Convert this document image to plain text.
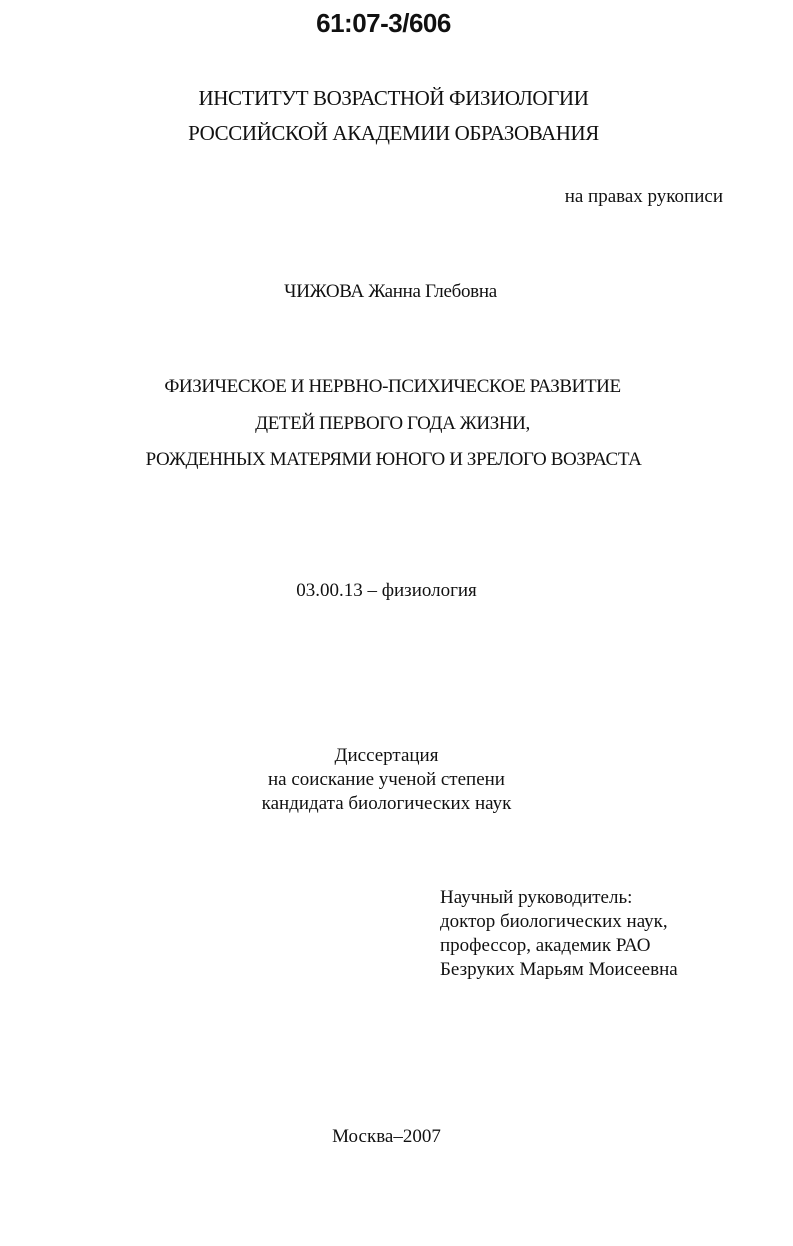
61:07-3/606
ИНСТИТУТ ВОЗРАСТНОЙ ФИЗИОЛОГИИ
РОССИЙСКОЙ АКАДЕМИИ ОБРАЗОВАНИЯ
на правах рукописи
ЧИЖОВА Жанна Глебовна
ФИЗИЧЕСКОЕ И НЕРВНО-ПСИХИЧЕСКОЕ РАЗВИТИЕ
ДЕТЕЙ ПЕРВОГО ГОДА ЖИЗНИ,
РОЖДЕННЫХ МАТЕРЯМИ ЮНОГО И ЗРЕЛОГО ВОЗРАСТА
03.00.13 – физиология
Диссертация
на соискание ученой степени
кандидата биологических наук
Научный руководитель:
доктор биологических наук,
профессор, академик РАО
Безруких Марьям Моисеевна
Москва–2007
